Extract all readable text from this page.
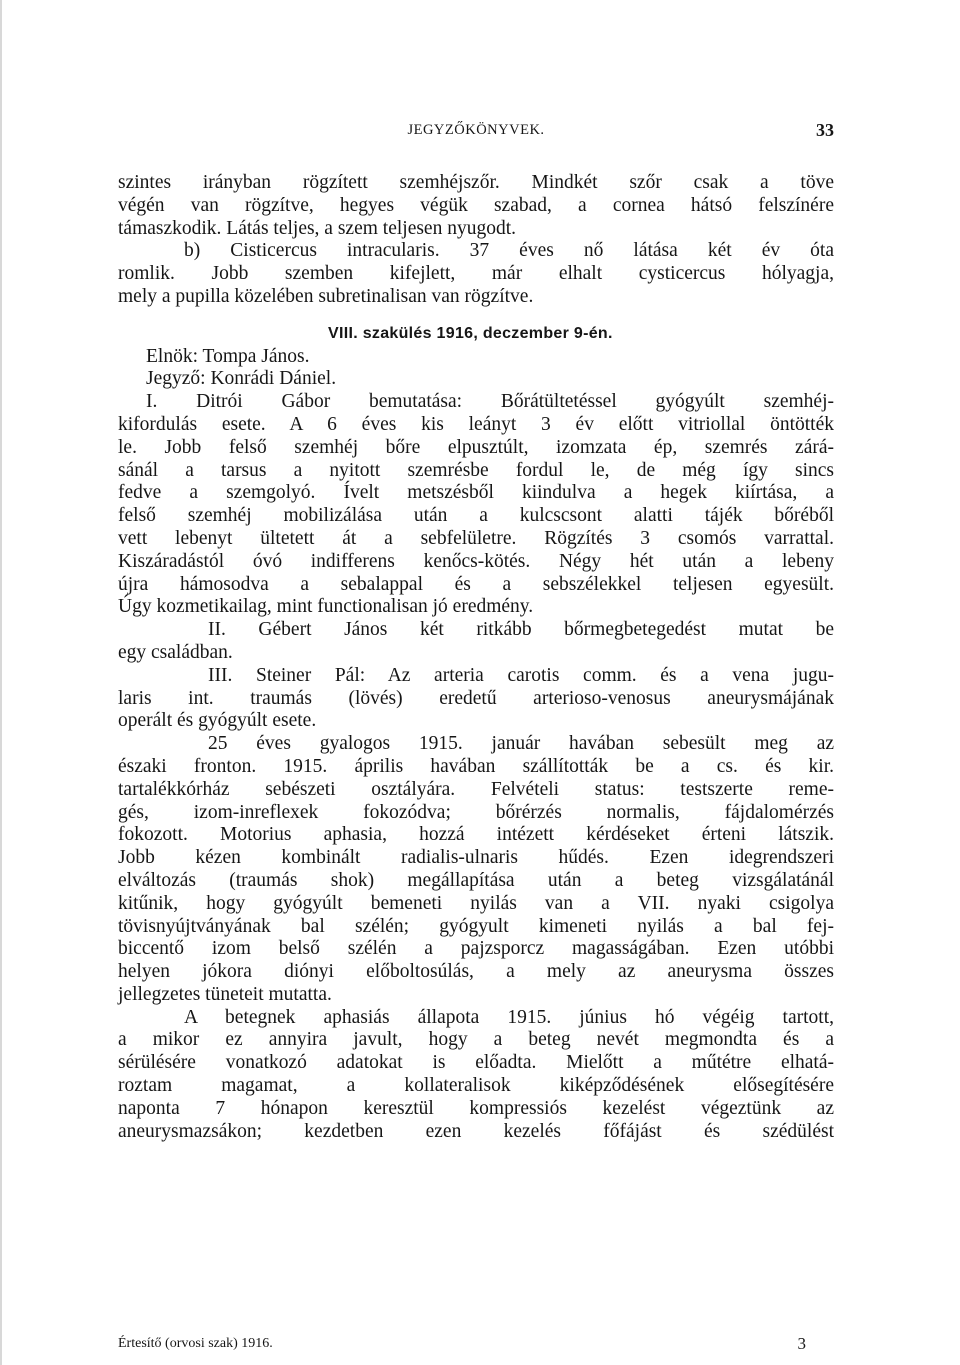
JEGYZŐKÖNYVEK.	33
szintes irányban rögzített szemhéjszőr. Mindkét szőr csak a töve
végén van rögzítve, hegyes végük szabad, a cornea hátsó felszínére
támaszkodik. Látás teljes, a szem teljesen nyugodt.
b) Cisticercus intracularis. 37 éves nő látása két év óta
romlik. Jobb szemben kifejlett, már elhalt cysticercus hólyagja,
mely a pupilla közelében subretinalisan van rögzítve.
VIII. szakülés 1916, deczember 9-én.
Elnök: Tompa János.
Jegyző: Konrádi Dániel.
I. Ditrói Gábor bemutatása: Bőrátültetéssel gyógyúlt szemhéj-
kifordulás esete. A 6 éves kis leányt 3 év előtt vitriollal öntötték
le. Jobb felső szemhéj bőre elpusztúlt, izomzata ép, szemrés zárá-
sánál a tarsus a nyitott szemrésbe fordul le, de még így sincs
fedve a szemgolyó. Ívelt metszésből kiindulva a hegek kiírtása, a
felső szemhéj mobilizálása után a kulcscsont alatti tájék bőréből
vett lebenyt ültetett át a sebfelületre. Rögzítés 3 csomós varrattal.
Kiszáradástól óvó indifferens kenőcs-kötés. Négy hét után a lebeny
újra hámosodva a sebalappal és a sebszélekkel teljesen egyesült.
Úgy kozmetikailag, mint functionalisan jó eredmény.
II. Gébert János két ritkább bőrmegbetegedést mutat be
egy családban.
III. Steiner Pál: Az arteria carotis comm. és a vena jugu-
laris int. traumás (lövés) eredetű arterioso-venosus aneurysmájának
operált és gyógyúlt esete.
25 éves gyalogos 1915. január havában sebesült meg az
északi fronton. 1915. április havában szállították be a cs. és kir.
tartalékkórház sebészeti osztályára. Felvételi status: testszerte reme-
gés, izom-inreflexek fokozódva; bőrérzés normalis, fájdalomérzés
fokozott. Motorius aphasia, hozzá intézett kérdéseket érteni látszik.
Jobb kézen kombinált radialis-ulnaris hűdés. Ezen idegrendszeri
elváltozás (traumás shok) megállapítása után a beteg vizsgálatánál
kitűnik, hogy gyógyúlt bemeneti nyilás van a VII. nyaki csigolya
tövisnyújtványának bal szélén; gyógyult kimeneti nyilás a bal fej-
biccentő izom belső szélén a pajzsporcz magasságában. Ezen utóbbi
helyen jókora diónyi előboltosúlás, a mely az aneurysma összes
jellegzetes tüneteit mutatta.
A betegnek aphasiás állapota 1915. június hó végéig tartott,
a mikor ez annyira javult, hogy a beteg nevét megmondta és a
sérülésére vonatkozó adatokat is előadta. Mielőtt a műtétre elhatá-
roztam magamat, a kollateralisok kiképződésének elősegítésére
naponta 7 hónapon keresztül kompressiós kezelést végeztünk az
aneurysmazsákon; kezdetben ezen kezelés főfájást és szédülést
Értesítő (orvosi szak) 1916.	3
